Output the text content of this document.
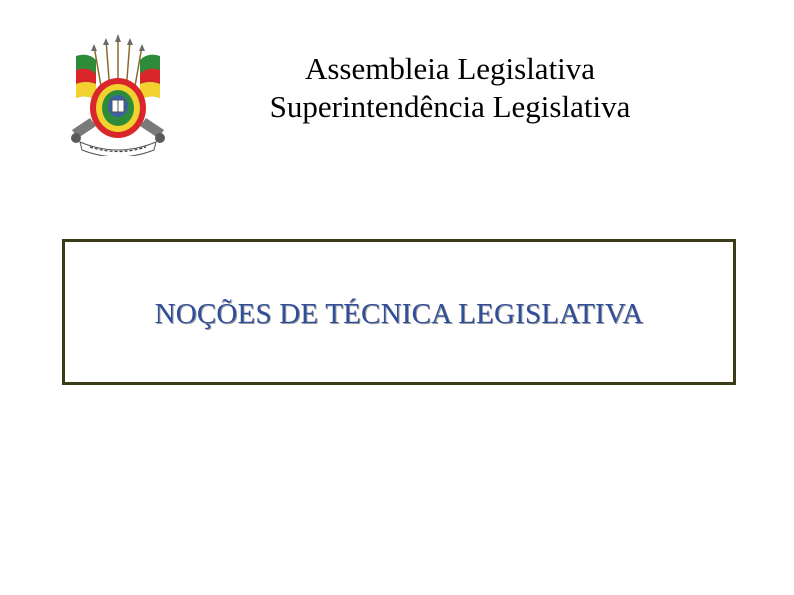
Assembleia Legislativa
Superintendência Legislativa
NOÇÕES DE TÉCNICA LEGISLATIVA
